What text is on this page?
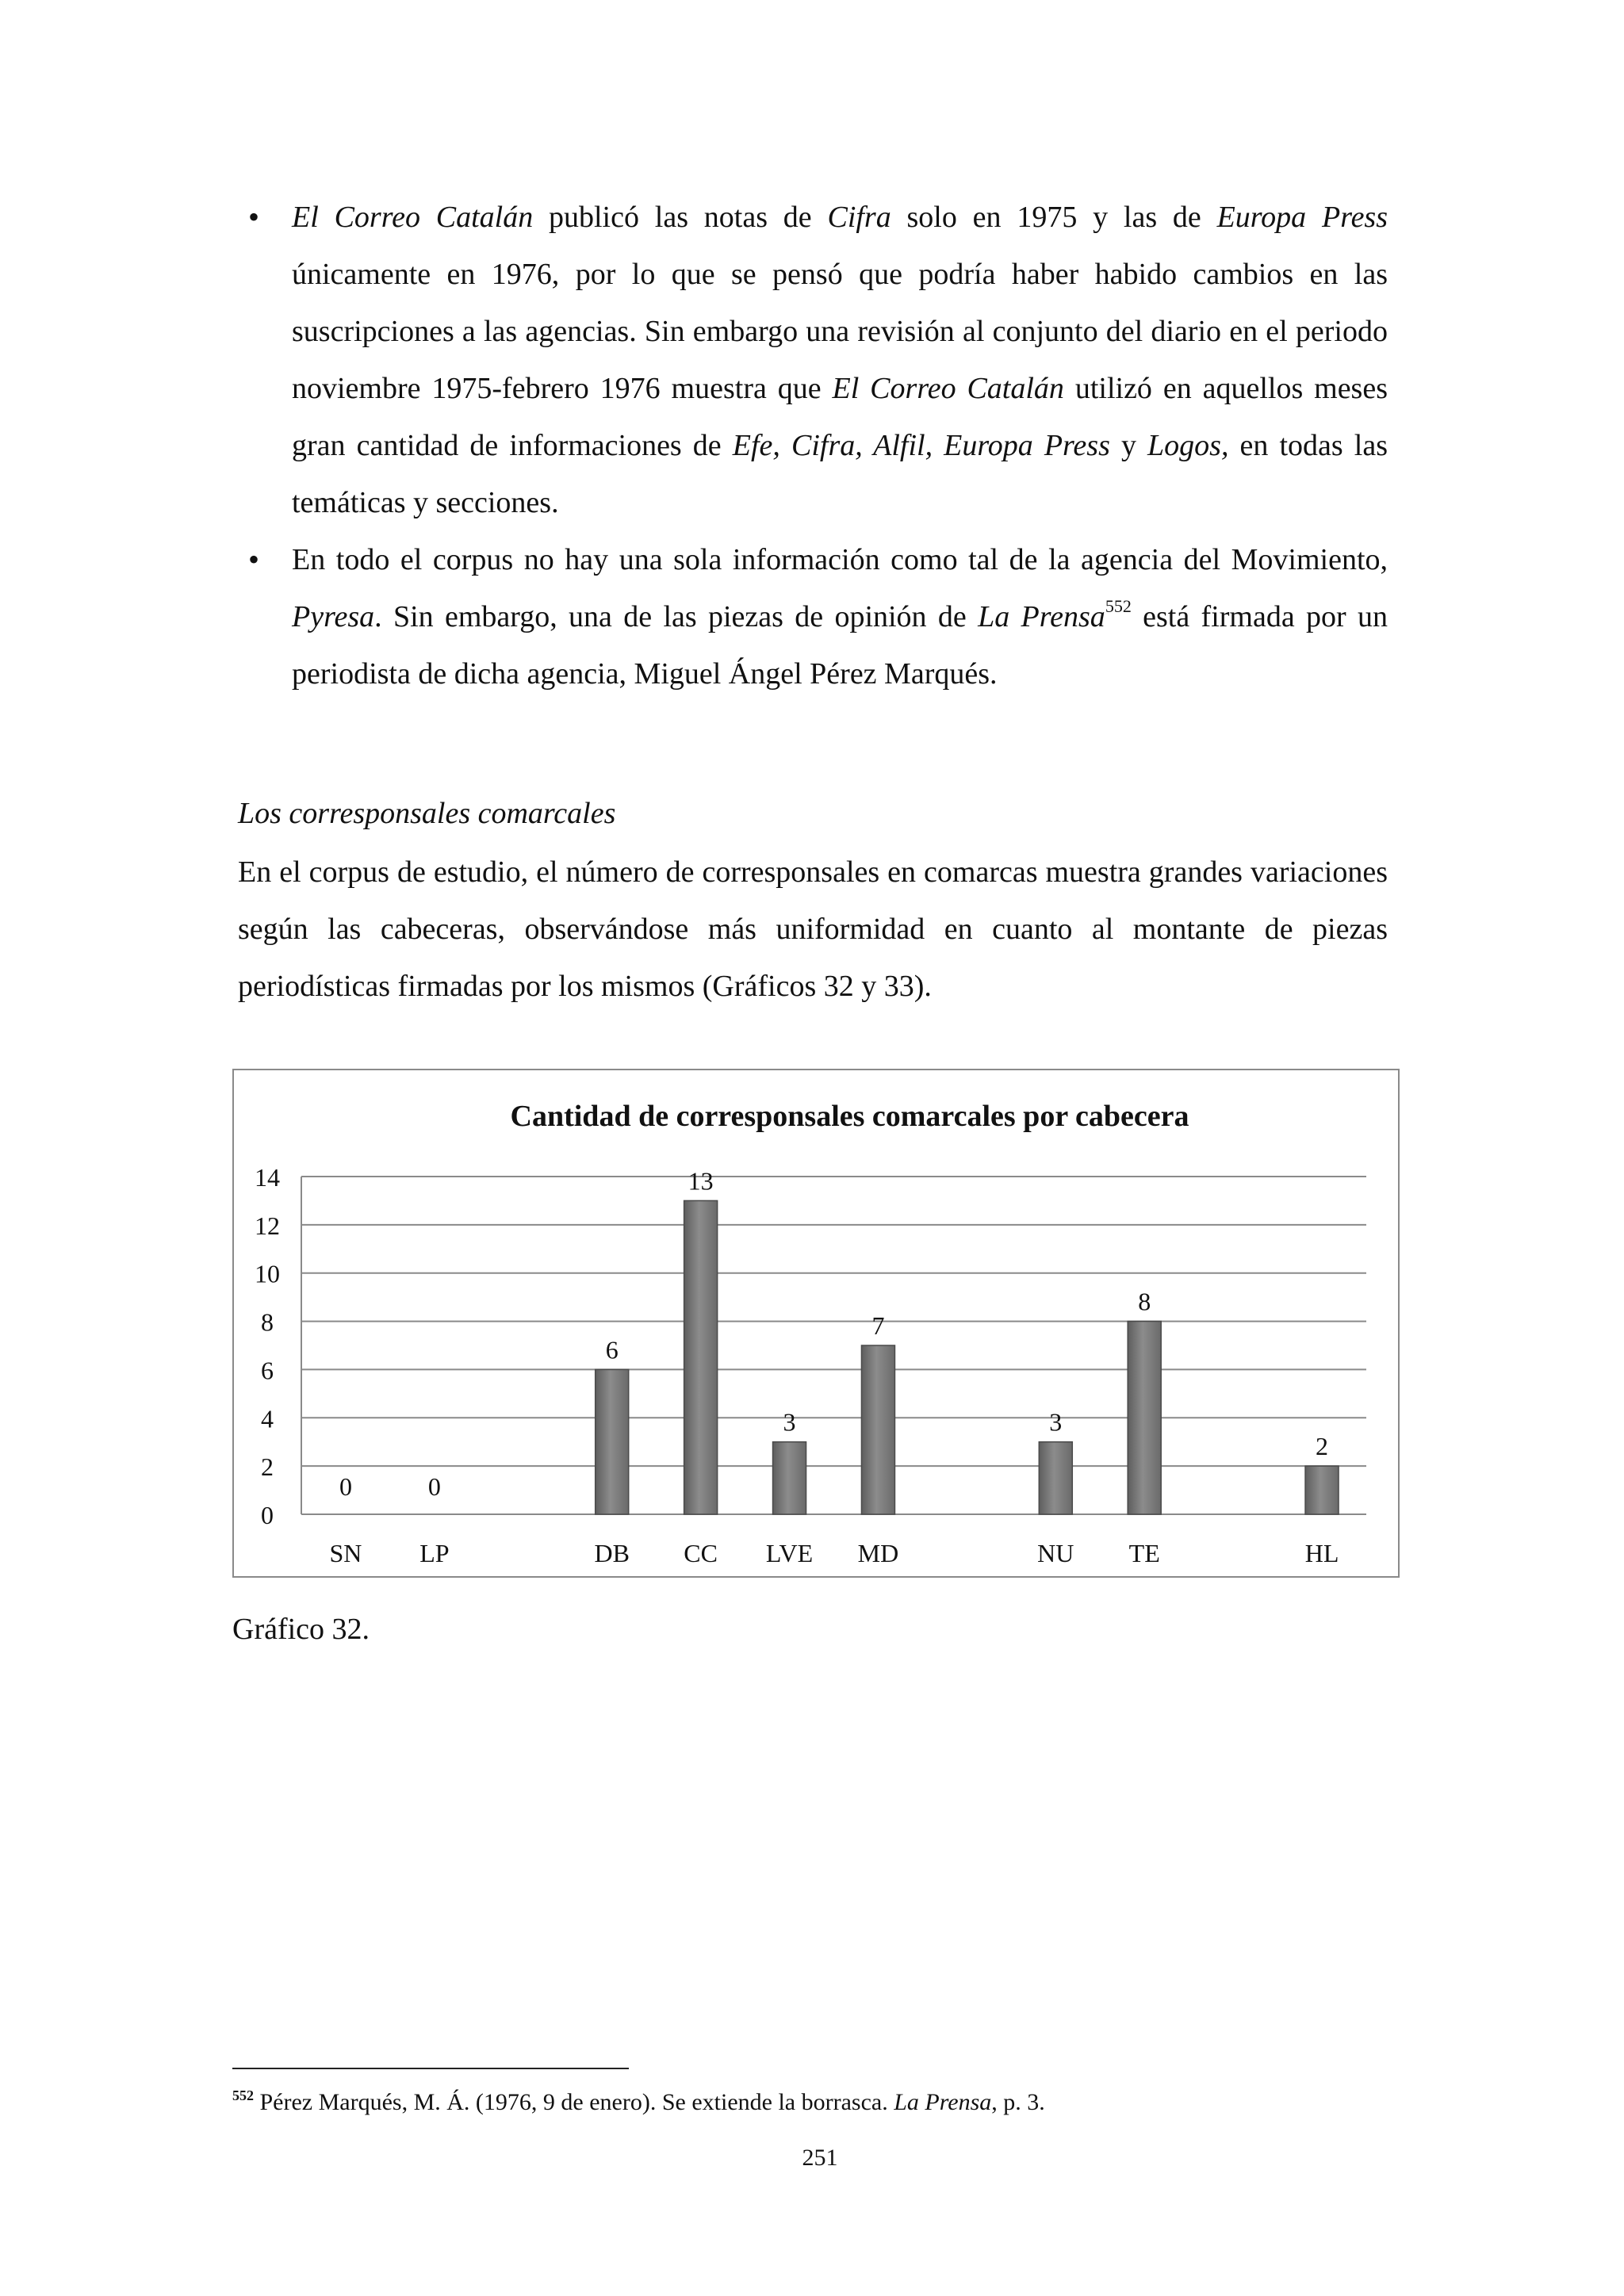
•	El Correo Catalán publicó las notas de Cifra solo en 1975 y las de Europa Press únicamente en 1976, por lo que se pensó que podría haber habido cambios en las suscripciones a las agencias. Sin embargo una revisión al conjunto del diario en el periodo noviembre 1975-febrero 1976 muestra que El Correo Catalán utilizó en aquellos meses gran cantidad de informaciones de Efe, Cifra, Alfil, Europa Press y Logos, en todas las temáticas y secciones.
•	En todo el corpus no hay una sola información como tal de la agencia del Movimiento, Pyresa. Sin embargo, una de las piezas de opinión de La Prensa$^{552}$ está firmada por un periodista de dicha agencia, Miguel Ángel Pérez Marqués.
Los corresponsales comarcales
En el corpus de estudio, el número de corresponsales en comarcas muestra grandes variaciones según las cabeceras, observándose más uniformidad en cuanto al montante de piezas periodísticas firmadas por los mismos (Gráficos 32 y 33).
Cantidad de corresponsales comarcales por cabecera
0
2
4
6
8
10
12
14
SN
0
LP
0
DB
6
CC
13
LVE
3
MD
7
NU
3
TE
8
HL
2
Gráfico 32.
$^{552}$ Pérez Marqués, M. Á. (1976, 9 de enero). Se extiende la borrasca. La Prensa, p. 3.
251
